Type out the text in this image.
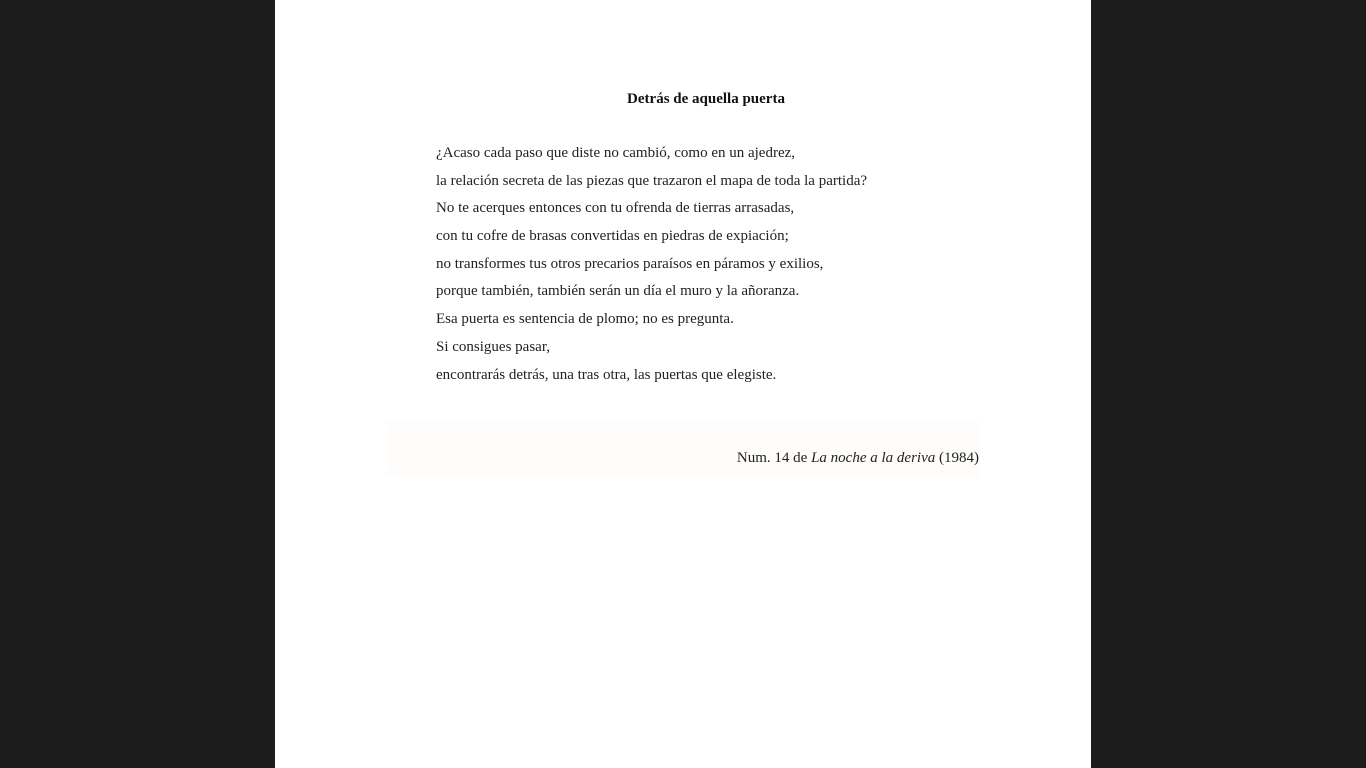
Detrás de aquella puerta
¿Acaso cada paso que diste no cambió, como en un ajedrez,
la relación secreta de las piezas que trazaron el mapa de toda la partida?
No te acerques entonces con tu ofrenda de tierras arrasadas,
con tu cofre de brasas convertidas en piedras de expiación;
no transformes tus otros precarios paraísos en páramos y exilios,
porque también, también serán un día el muro y la añoranza.
Esa puerta es sentencia de plomo; no es pregunta.
Si consigues pasar,
encontrarás detrás, una tras otra, las puertas que elegiste.
Num. 14 de La noche a la deriva (1984)
